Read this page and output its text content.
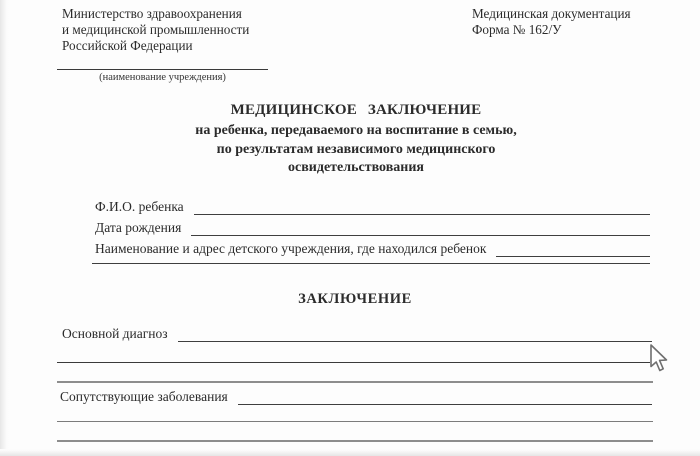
Министерство здравоохранения
и медицинской промышленности
Российской Федерации
Медицинская документация
Форма № 162/У
(наименование учреждения)
МЕДИЦИНСКОЕ ЗАКЛЮЧЕНИЕ
на ребенка, передаваемого на воспитание в семью,
по результатам независимого медицинского
освидетельствования
Ф.И.О. ребенка
Дата рождения
Наименование и адрес детского учреждения, где находился ребенок
ЗАКЛЮЧЕНИЕ
Основной диагноз
Сопутствующие заболевания
